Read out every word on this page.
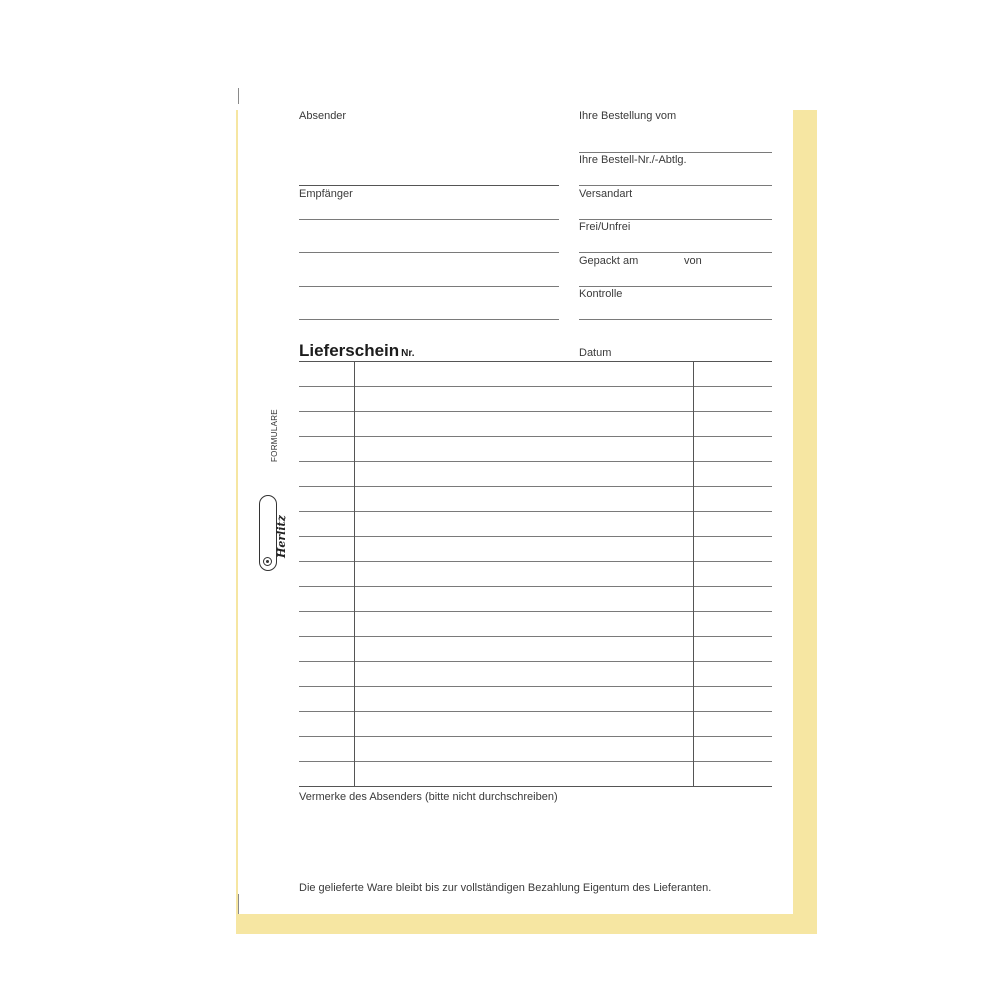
Absender
Empfänger
Ihre Bestellung vom
Ihre Bestell-Nr./-Abtlg.
Versandart
Frei/Unfrei
Gepackt am	von
Kontrolle
Lieferschein Nr.	Datum
Vermerke des Absenders (bitte nicht durchschreiben)
Die gelieferte Ware bleibt bis zur vollständigen Bezahlung Eigentum des Lieferanten.
FORMULARE
Herlitz
